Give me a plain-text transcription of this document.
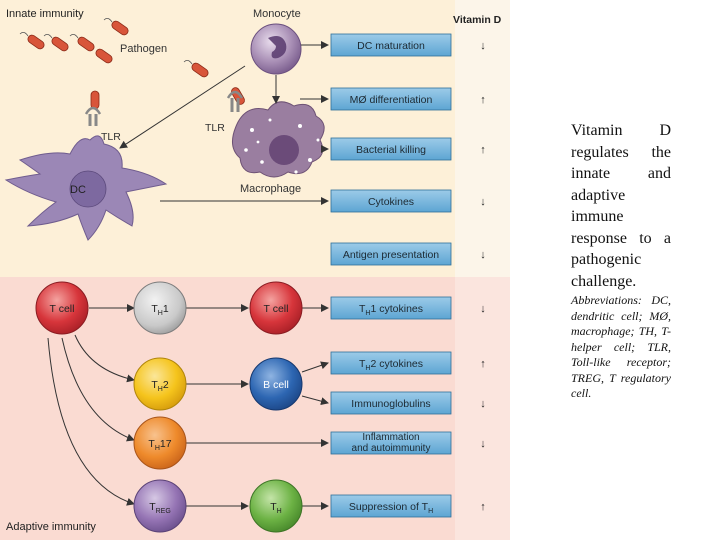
Innate immunity
Adaptive immunity
Vitamin D
Pathogen
Monocyte
Macrophage
TLR
DC
TLR
DC maturation	↓
MØ differentiation	↑
Bacterial killing	↑
Cytokines	↓
Antigen presentation	↓
$T_H1$ cytokines	↓
$T_H2$ cytokines	↑
Immunoglobulins	↓
Inflammation and autoimmunity	↓
Suppression of $T_H$	↑
T cell	$T_H1$
$T_H2$
$T_H17$
$T_{REG}$
T cell
B cell
$T_H$
Vitamin D regulates the innate and adaptive immune response to a pathogenic challenge.
Abbreviations: DC, dendritic cell; MØ, macrophage; TH, T-helper cell; TLR, Toll-like receptor; TREG, T regulatory cell.
